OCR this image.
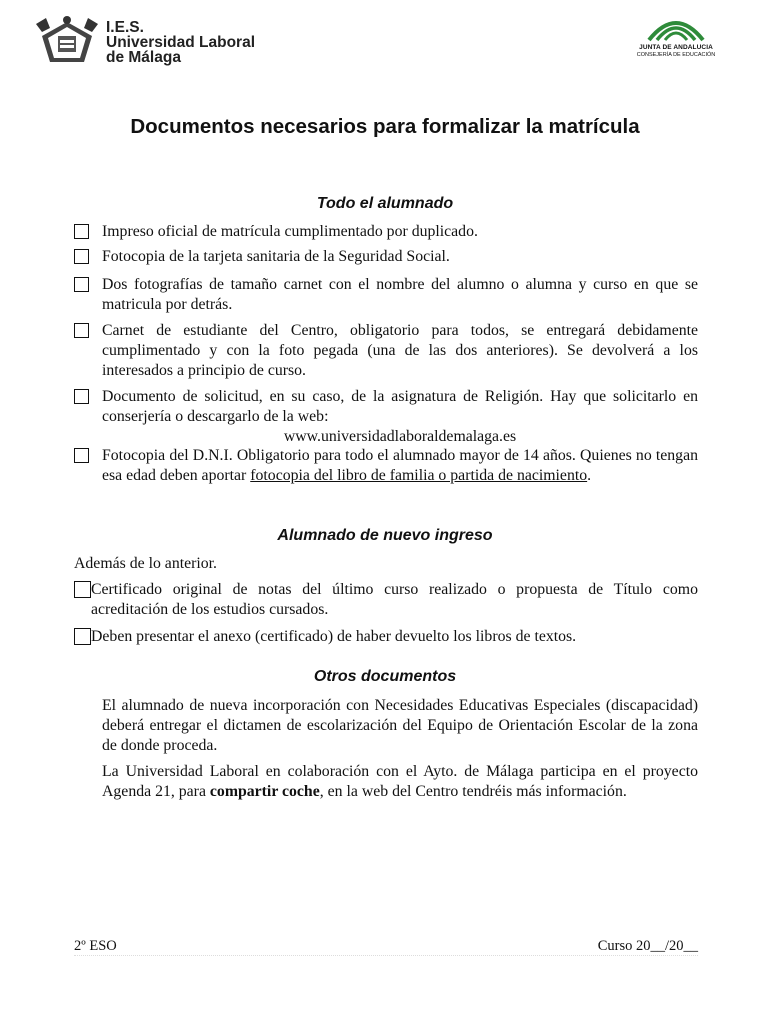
I.E.S.
Universidad Laboral
de Málaga
JUNTA DE ANDALUCIA
CONSEJERÍA DE EDUCACIÓN
Documentos necesarios para formalizar la matrícula
Todo el alumnado
Impreso oficial de matrícula cumplimentado por duplicado.
Fotocopia de la tarjeta sanitaria de la Seguridad Social.
Dos fotografías de tamaño carnet con el nombre del alumno o alumna y curso en que se matricula por detrás.
Carnet de estudiante del Centro, obligatorio para todos, se entregará debidamente cumplimentado y con la foto pegada (una de las dos anteriores). Se devolverá a los interesados a principio de curso.
Documento de solicitud, en su caso, de la asignatura de Religión. Hay que solicitarlo en conserjería o descargarlo de la web:
www.universidadlaboraldemalaga.es
Fotocopia del D.N.I. Obligatorio para todo el alumnado mayor de 14 años. Quienes no tengan esa edad deben aportar fotocopia del libro de familia o partida de nacimiento.
Alumnado de nuevo ingreso
Además de lo anterior.
Certificado original de notas del último curso realizado o propuesta de Título como acreditación de los estudios cursados.
Deben presentar el anexo (certificado) de haber devuelto los libros de textos.
Otros documentos
El alumnado de nueva incorporación con Necesidades Educativas Especiales (discapacidad) deberá entregar el dictamen de escolarización del Equipo de Orientación Escolar de la zona de donde proceda.
La Universidad Laboral en colaboración con el Ayto. de Málaga participa en el proyecto Agenda 21, para compartir coche, en la web del Centro tendréis más información.
2º ESO	Curso 20__/20__
